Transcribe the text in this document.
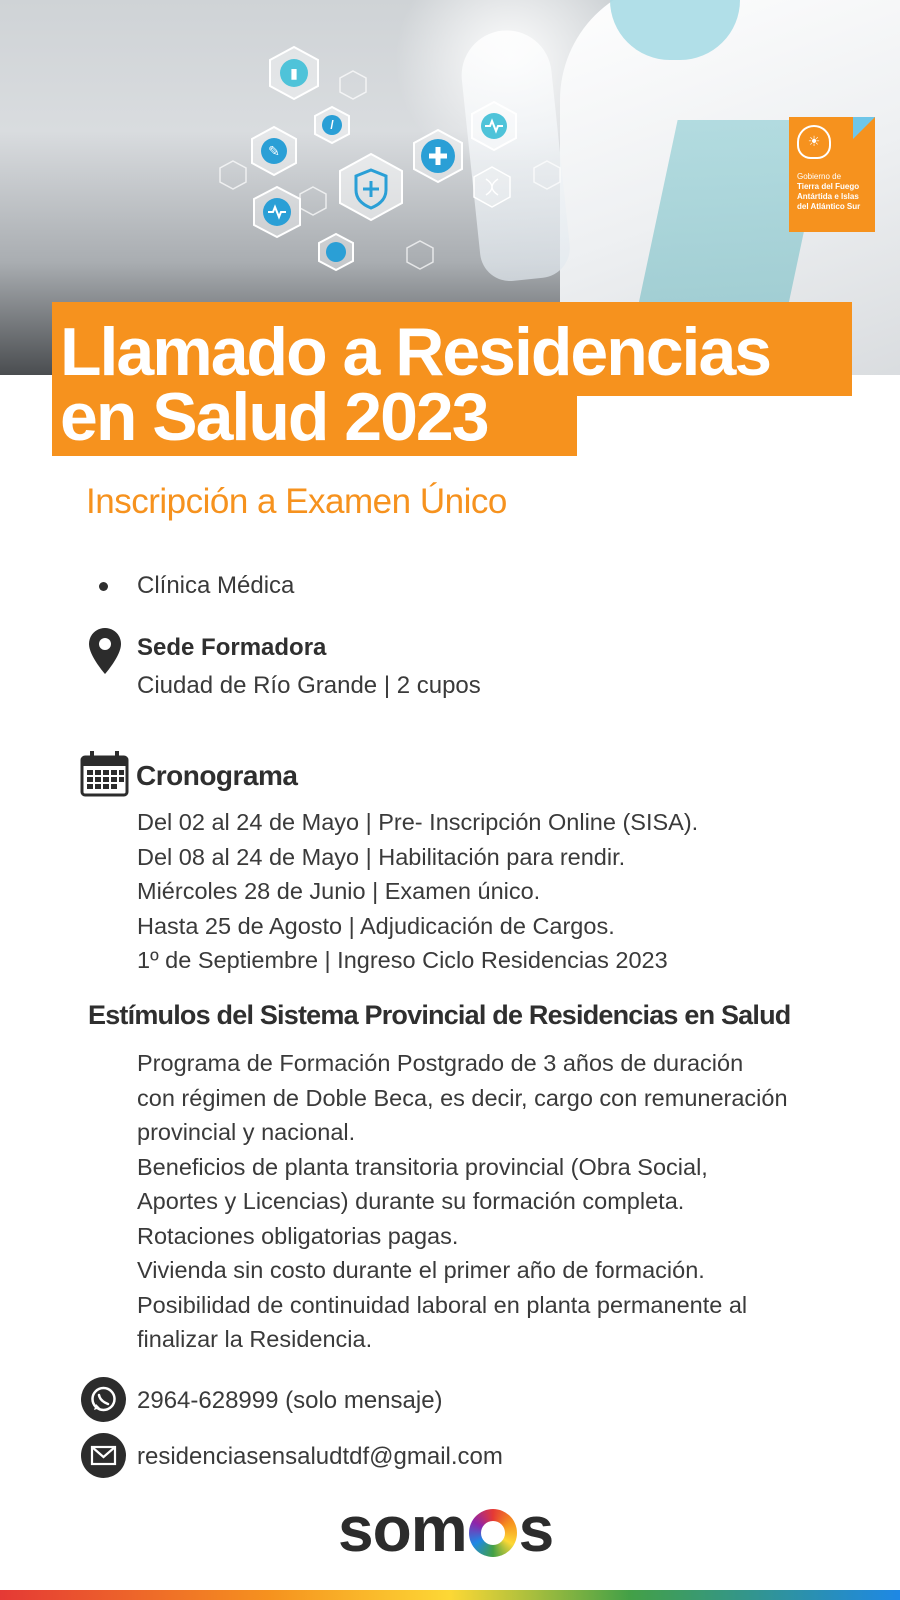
▮
/
✎
☀
Gobierno de
Tierra del Fuego
Antártida e Islas
del Atlántico Sur
Llamado a Residencias
en Salud 2023
Inscripción a Examen Único
Clínica Médica
Sede Formadora
Ciudad de Río Grande | 2 cupos
Cronograma
Del 02 al 24 de Mayo | Pre- Inscripción Online (SISA).
Del 08 al 24 de Mayo | Habilitación para rendir.
Miércoles 28 de Junio | Examen único.
Hasta 25 de Agosto | Adjudicación de Cargos.
1º de Septiembre | Ingreso Ciclo Residencias 2023
Estímulos del Sistema Provincial de Residencias en Salud
Programa de Formación Postgrado de 3 años de duración
con régimen de Doble Beca, es decir, cargo con remuneración
provincial y nacional.
Beneficios de planta transitoria provincial (Obra Social,
Aportes y Licencias) durante su formación completa.
Rotaciones obligatorias pagas.
Vivienda sin costo durante el primer año de formación.
Posibilidad de continuidad laboral en planta permanente al
finalizar la Residencia.
2964-628999 (solo mensaje)
residenciasensaludtdf@gmail.com
som s
